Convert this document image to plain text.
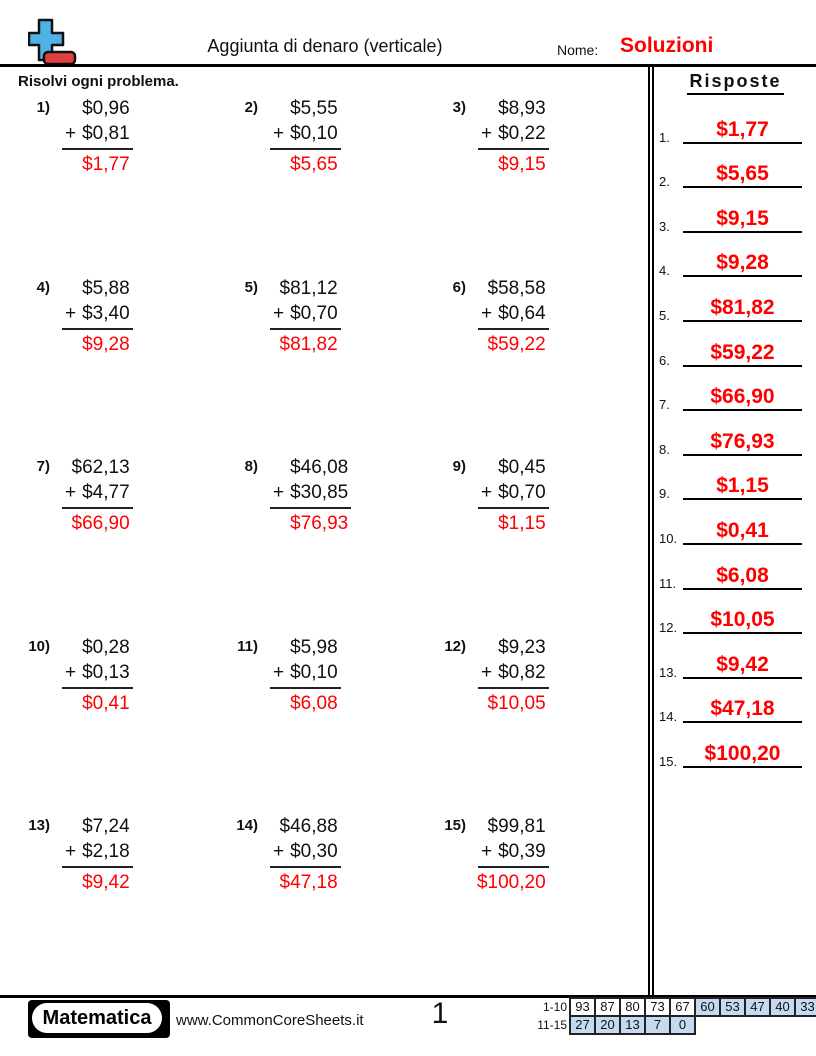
Aggiunta di denaro (verticale)	Nome: Soluzioni
Risolvi ogni problema.	Risposte
1.	$1,77
2.	$5,65
3.	$9,15
4.	$9,28
5.	$81,82
6.	$59,22
7.	$66,90
8.	$76,93
9.	$1,15
10.	$0,41
11.	$6,08
12.	$10,05
13.	$9,42
14.	$47,18
15.	$100,20
1)	$0,96
+ $0,81
$1,77
2)	$5,55
+ $0,10
$5,65
3)	$8,93
+ $0,22
$9,15
4)	$5,88
+ $3,40
$9,28
5)	$81,12
+ $0,70
$81,82
6)	$58,58
+ $0,64
$59,22
7)	$62,13
+ $4,77
$66,90
8)	$46,08
+ $30,85
$76,93
9)	$0,45
+ $0,70
$1,15
10)	$0,28
+ $0,13
$0,41
11)	$5,98
+ $0,10
$6,08
12)	$9,23
+ $0,82
$10,05
13)	$7,24
+ $2,18
$9,42
14)	$46,88
+ $0,30
$47,18
15)	$99,81
+ $0,39
$100,20
Matematica www.CommonCoreSheets.it	1	1-10 93 87 80 73 67 60 53 47 40 33
11-15 27 20 13	7	0
